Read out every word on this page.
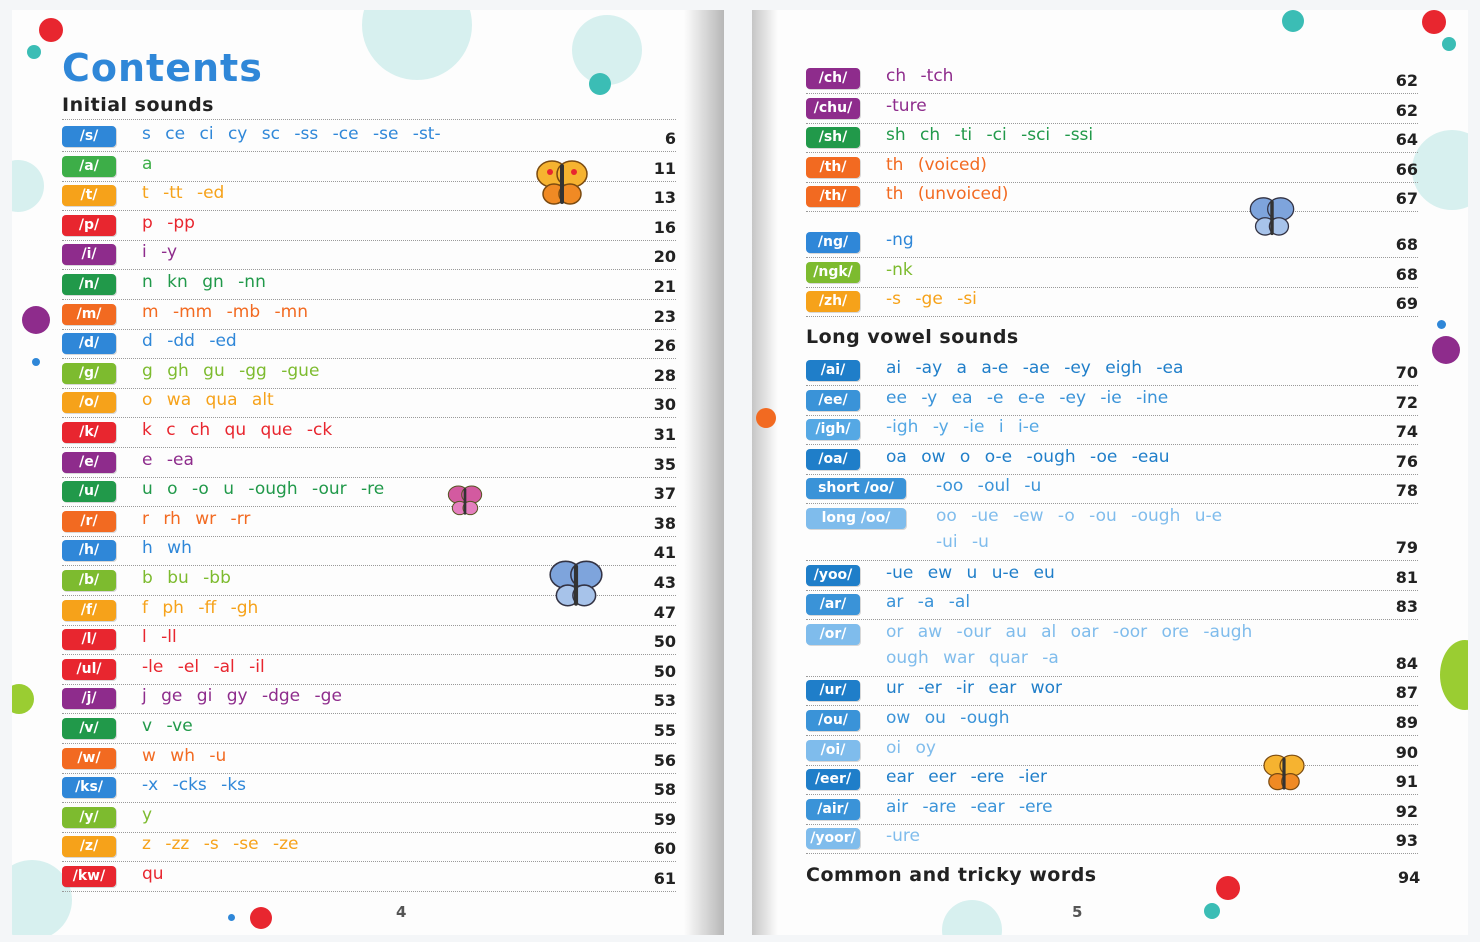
Contents
Initial sounds
/s/	s ce ci cy sc -ss -ce -se -st-	6
/a/	a	11
/t/	t -tt -ed	13
/p/	p -pp	16
/i/	i -y	20
/n/	n kn gn -nn	21
/m/	m -mm -mb -mn	23
/d/	d -dd -ed	26
/g/	g gh gu -gg -gue	28
/o/	o wa qua alt	30
/k/	k c ch qu que -ck	31
/e/	e -ea	35
/u/	u o -o u -ough -our -re	37
/r/	r rh wr -rr	38
/h/	h wh	41
/b/	b bu -bb	43
/f/	f ph -ff -gh	47
/l/	l -ll	50
/ul/	-le -el -al -il	50
/j/	j ge gi gy -dge -ge	53
/v/	v -ve	55
/w/	w wh -u	56
/ks/	-x -cks -ks	58
/y/	y	59
/z/	z -zz -s -se -ze	60
/kw/	qu	61
4
/ch/	ch -tch	62
/chu/	-ture	62
/sh/	sh ch -ti -ci -sci -ssi	64
/th/	th (voiced)	66
/th/	th (unvoiced)	67
/ng/	-ng	68
/ngk/	-nk	68
/zh/	-s -ge -si	69
Long vowel sounds
/ai/	ai -ay a a-e -ae -ey eigh -ea	70
/ee/	ee -y ea -e e-e -ey -ie -ine	72
/igh/	-igh -y -ie i i-e	74
/oa/	oa ow o o-e -ough -oe -eau	76
short /oo/	-oo -oul -u	78
long /oo/	oo -ue -ew -o -ou -ough u-e
-ui -u	79
/yoo/	-ue ew u u-e eu	81
/ar/	ar -a -al	83
/or/	or aw -our au al oar -oor ore -augh
ough war quar -a	84
/ur/	ur -er -ir ear wor	87
/ou/	ow ou -ough	89
/oi/	oi oy	90
/eer/	ear eer -ere -ier	91
/air/	air -are -ear -ere	92
/yoor/ -ure	93
Common and tricky words	94
5
